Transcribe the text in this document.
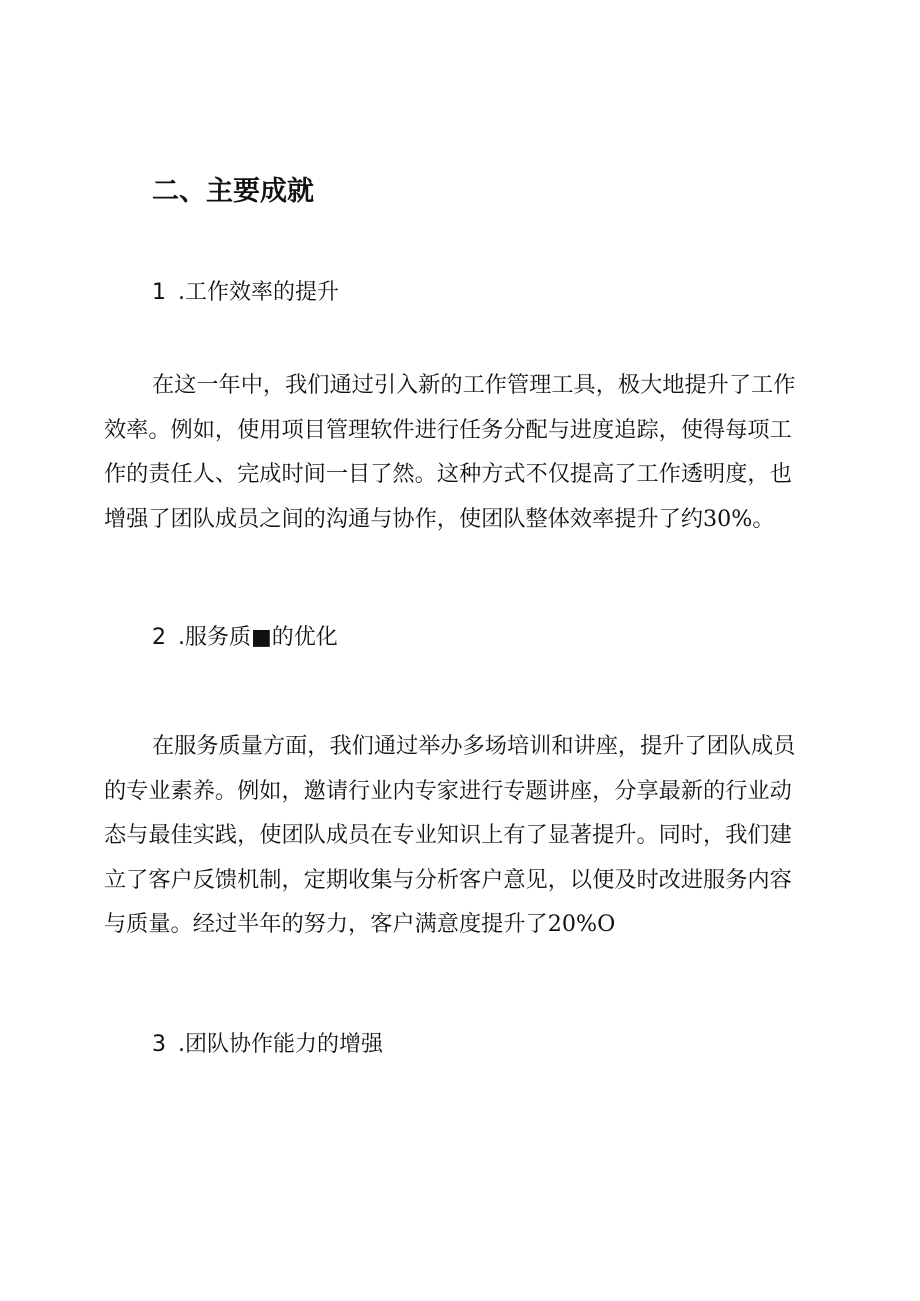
二、主要成就
1 .工作效率的提升
在这一年中，我们通过引入新的工作管理工具，极大地提升了工作
效率。例如，使用项目管理软件进行任务分配与进度追踪，使得每项工
作的责任人、完成时间一目了然。这种方式不仅提高了工作透明度，也
增强了团队成员之间的沟通与协作，使团队整体效率提升了约30%。
2 .服务质■的优化
在服务质量方面，我们通过举办多场培训和讲座，提升了团队成员
的专业素养。例如，邀请行业内专家进行专题讲座，分享最新的行业动
态与最佳实践，使团队成员在专业知识上有了显著提升。同时，我们建
立了客户反馈机制，定期收集与分析客户意见，以便及时改进服务内容
与质量。经过半年的努力，客户满意度提升了20%O
3 .团队协作能力的增强
